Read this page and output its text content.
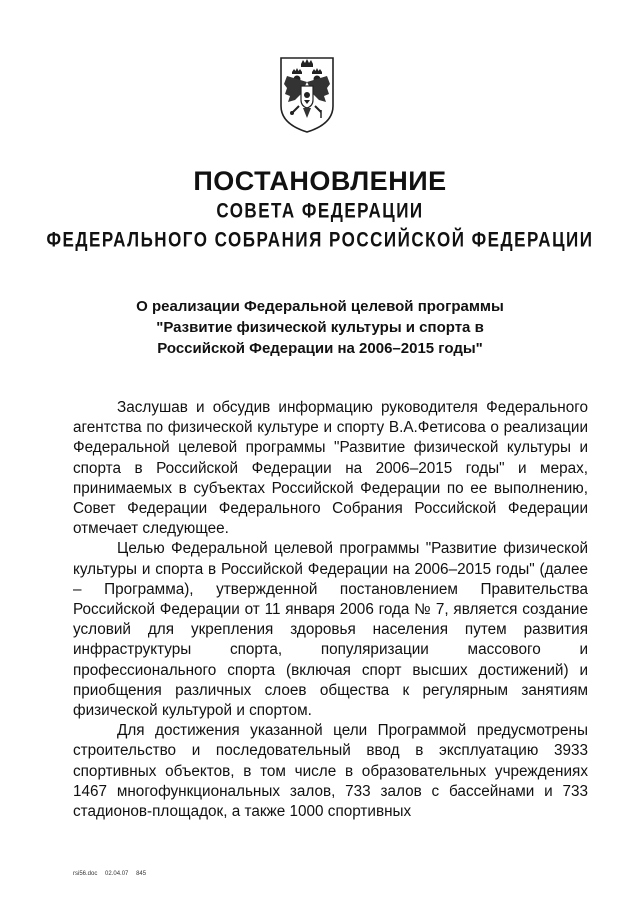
ПОСТАНОВЛЕНИЕ
СОВЕТА ФЕДЕРАЦИИ
ФЕДЕРАЛЬНОГО СОБРАНИЯ РОССИЙСКОЙ ФЕДЕРАЦИИ
О реализации Федеральной целевой программы
"Развитие физической культуры и спорта в
Российской Федерации на 2006–2015 годы"

Заслушав и обсудив информацию руководителя Федерального агентства по физической культуре и спорту В.А.Фетисова о реализации Федеральной целевой программы "Развитие физической культуры и спорта в Российской Федерации на 2006–2015 годы" и мерах, принимаемых в субъектах Российской Федерации по ее выполнению, Совет Федерации Федерального Собрания Российской Федерации отмечает следующее.

Целью Федеральной целевой программы "Развитие физической культуры и спорта в Российской Федерации на 2006–2015 годы" (далее – Программа), утвержденной постановлением Правительства Российской Федерации от 11 января 2006 года № 7, является создание условий для укрепления здоровья населения путем развития инфраструктуры спорта, популяризации массового и профессионального спорта (включая спорт высших достижений) и приобщения различных слоев общества к регулярным занятиям физической культурой и спортом.

Для достижения указанной цели Программой предусмотрены строительство и последовательный ввод в эксплуатацию 3933 спортивных объектов, в том числе в образовательных учреждениях 1467 многофункциональных залов, 733 залов с бассейнами и 733 стадионов-площадок, а также 1000 спортивных

rsi56.doc 02.04.07 845
